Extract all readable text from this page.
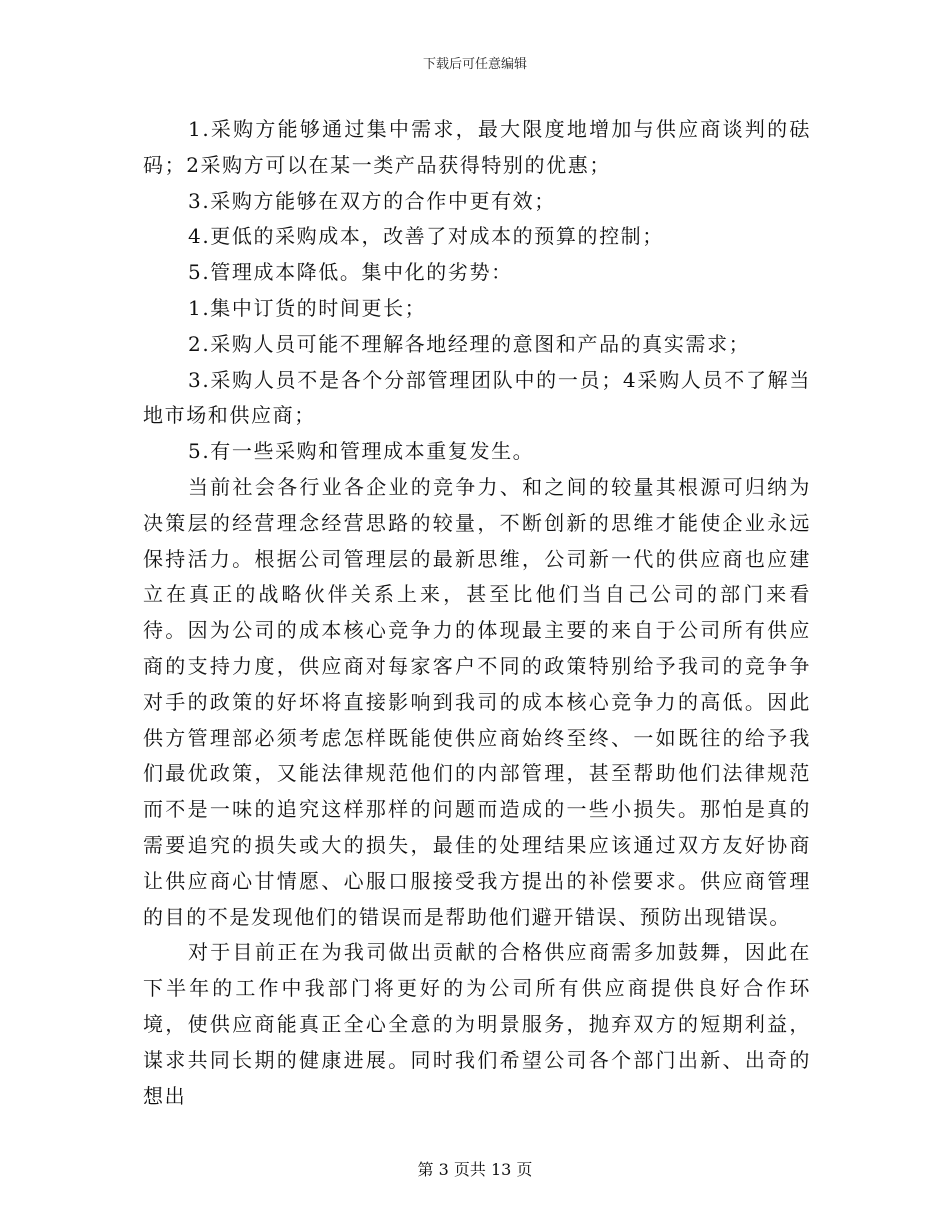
下载后可任意编辑

1.采购方能够通过集中需求，最大限度地增加与供应商谈判的砝码；2采购方可以在某一类产品获得特别的优惠；

3.采购方能够在双方的合作中更有效；

4.更低的采购成本，改善了对成本的预算的控制；

5.管理成本降低。集中化的劣势：

1.集中订货的时间更长；

2.采购人员可能不理解各地经理的意图和产品的真实需求；

3.采购人员不是各个分部管理团队中的一员；4采购人员不了解当地市场和供应商；

5.有一些采购和管理成本重复发生。

当前社会各行业各企业的竞争力、和之间的较量其根源可归纳为决策层的经营理念经营思路的较量，不断创新的思维才能使企业永远保持活力。根据公司管理层的最新思维，公司新一代的供应商也应建立在真正的战略伙伴关系上来，甚至比他们当自己公司的部门来看待。因为公司的成本核心竞争力的体现最主要的来自于公司所有供应商的支持力度，供应商对每家客户不同的政策特别给予我司的竞争争对手的政策的好坏将直接影响到我司的成本核心竞争力的高低。因此供方管理部必须考虑怎样既能使供应商始终至终、一如既往的给予我们最优政策，又能法律规范他们的内部管理，甚至帮助他们法律规范而不是一味的追究这样那样的问题而造成的一些小损失。那怕是真的需要追究的损失或大的损失，最佳的处理结果应该通过双方友好协商让供应商心甘情愿、心服口服接受我方提出的补偿要求。供应商管理的目的不是发现他们的错误而是帮助他们避开错误、预防出现错误。

对于目前正在为我司做出贡献的合格供应商需多加鼓舞，因此在下半年的工作中我部门将更好的为公司所有供应商提供良好合作环境，使供应商能真正全心全意的为明景服务，抛弃双方的短期利益，谋求共同长期的健康进展。同时我们希望公司各个部门出新、出奇的想出

第 3 页共 13 页
